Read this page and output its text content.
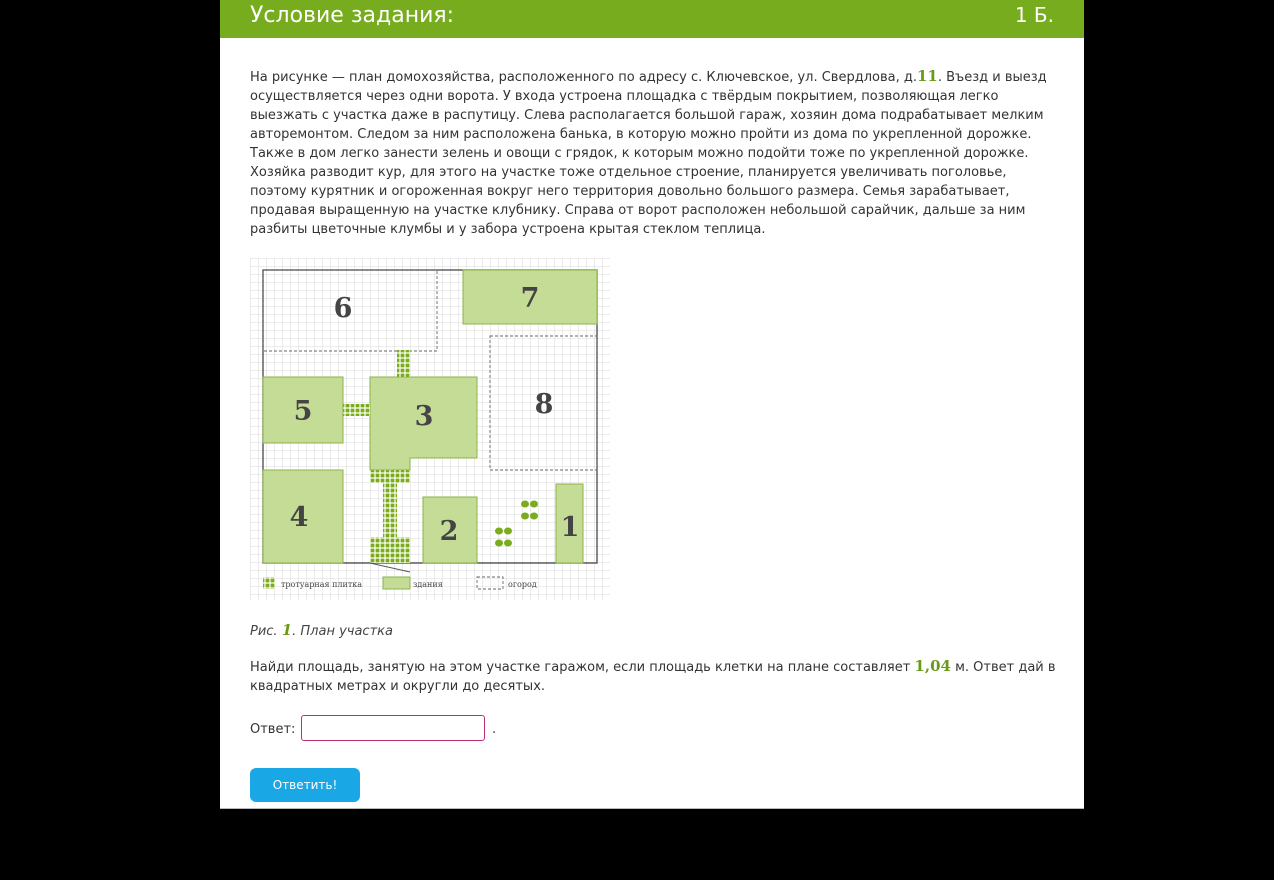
Условие задания:	1 Б.

На рисунке — план домохозяйства, расположенного по адресу с. Ключевское, ул. Свердлова, д.11. Въезд и выезд осуществляется через одни ворота. У входа устроена площадка с твёрдым покрытием, позволяющая легко выезжать с участка даже в распутицу. Слева располагается большой гараж, хозяин дома подрабатывает мелким авторемонтом. Следом за ним расположена банька, в которую можно пройти из дома по укрепленной дорожке. Также в дом легко занести зелень и овощи с грядок, к которым можно подойти тоже по укрепленной дорожке. Хозяйка разводит кур, для этого на участке тоже отдельное строение, планируется увеличивать поголовье, поэтому курятник и огороженная вокруг него территория довольно большого размера. Семья зарабатывает, продавая выращенную на участке клубнику. Справа от ворот расположен небольшой сарайчик, дальше за ним разбиты цветочные клумбы и у забора устроена крытая стеклом теплица.

6	7
5	3	8
4	2	1
тротуарная плитка	здания	огород
Рис. 1. План участка

Найди площадь, занятую на этом участке гаражом, если площадь клетки на плане составляет 1,04 м. Ответ дай в квадратных метрах и округли до десятых.

Ответ:	.
Ответить!
